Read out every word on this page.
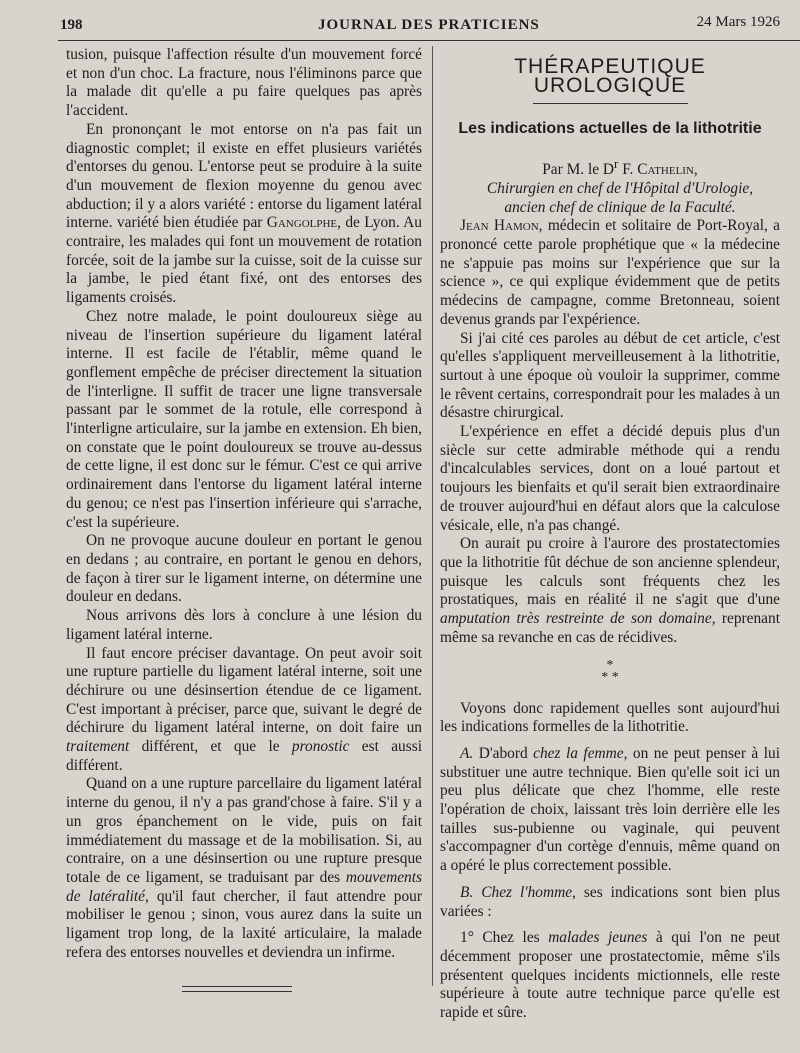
198	JOURNAL DES PRATICIENS	24 Mars 1926

tusion, puisque l'affection résulte d'un mouvement forcé et non d'un choc. La fracture, nous l'éliminons parce que la malade dit qu'elle a pu faire quelques pas après l'accident.

En prononçant le mot entorse on n'a pas fait un diagnostic complet; il existe en effet plusieurs variétés d'entorses du genou. L'entorse peut se produire à la suite d'un mouvement de flexion moyenne du genou avec abduction; il y a alors variété : entorse du ligament latéral interne. variété bien étudiée par Gangolphe, de Lyon. Au contraire, les malades qui font un mouvement de rotation forcée, soit de la jambe sur la cuisse, soit de la cuisse sur la jambe, le pied étant fixé, ont des entorses des ligaments croisés.

Chez notre malade, le point douloureux siège au niveau de l'insertion supérieure du ligament latéral interne. Il est facile de l'établir, même quand le gonflement empêche de préciser directement la situation de l'interligne. Il suffit de tracer une ligne transversale passant par le sommet de la rotule, elle correspond à l'interligne articulaire, sur la jambe en extension. Eh bien, on constate que le point douloureux se trouve au-dessus de cette ligne, il est donc sur le fémur. C'est ce qui arrive ordinairement dans l'entorse du ligament latéral interne du genou; ce n'est pas l'insertion inférieure qui s'arrache, c'est la supérieure.

On ne provoque aucune douleur en portant le genou en dedans ; au contraire, en portant le genou en dehors, de façon à tirer sur le ligament interne, on détermine une douleur en dedans.

Nous arrivons dès lors à conclure à une lésion du ligament latéral interne.

Il faut encore préciser davantage. On peut avoir soit une rupture partielle du ligament latéral interne, soit une déchirure ou une désinsertion étendue de ce ligament. C'est important à préciser, parce que, suivant le degré de déchirure du ligament latéral interne, on doit faire un traitement différent, et que le pronostic est aussi différent.

Quand on a une rupture parcellaire du ligament latéral interne du genou, il n'y a pas grand'chose à faire. S'il y a un gros épanchement on le vide, puis on fait immédiatement du massage et de la mobilisation. Si, au contraire, on a une désinsertion ou une rupture presque totale de ce ligament, se traduisant par des mouvements de latéralité, qu'il faut chercher, il faut attendre pour mobiliser le genou ; sinon, vous aurez dans la suite un ligament trop long, de la laxité articulaire, la malade refera des entorses nouvelles et deviendra un infirme.

THÉRAPEUTIQUE UROLOGIQUE
Les indications actuelles de la lithotritie

Par M. le $D^r$ F. Cathelin,

Chirurgien en chef de l'Hôpital d'Urologie,

ancien chef de clinique de la Faculté.

Jean Hamon, médecin et solitaire de Port-Royal, a prononcé cette parole prophétique que « la médecine ne s'appuie pas moins sur l'expérience que sur la science », ce qui explique évidemment que de petits médecins de campagne, comme Bretonneau, soient devenus grands par l'expérience.

Si j'ai cité ces paroles au début de cet article, c'est qu'elles s'appliquent merveilleusement à la lithotritie, surtout à une époque où vouloir la supprimer, comme le rêvent certains, correspondrait pour les malades à un désastre chirurgical.

L'expérience en effet a décidé depuis plus d'un siècle sur cette admirable méthode qui a rendu d'incalculables services, dont on a loué partout et toujours les bienfaits et qu'il serait bien extraordinaire de trouver aujourd'hui en défaut alors que la calculose vésicale, elle, n'a pas changé.

On aurait pu croire à l'aurore des prostatectomies que la lithotritie fût déchue de son ancienne splendeur, puisque les calculs sont fréquents chez les prostatiques, mais en réalité il ne s'agit que d'une amputation très restreinte de son domaine, reprenant même sa revanche en cas de récidives.

*
* *

Voyons donc rapidement quelles sont aujourd'hui les indications formelles de la lithotritie.

A. D'abord chez la femme, on ne peut penser à lui substituer une autre technique. Bien qu'elle soit ici un peu plus délicate que chez l'homme, elle reste l'opération de choix, laissant très loin derrière elle les tailles sus-pubienne ou vaginale, qui peuvent s'accompagner d'un cortège d'ennuis, même quand on a opéré le plus correctement possible.

B. Chez l'homme, ses indications sont bien plus variées :

1° Chez les malades jeunes à qui l'on ne peut décemment proposer une prostatectomie, même s'ils présentent quelques incidents mictionnels, elle reste supérieure à toute autre technique parce qu'elle est rapide et sûre.
